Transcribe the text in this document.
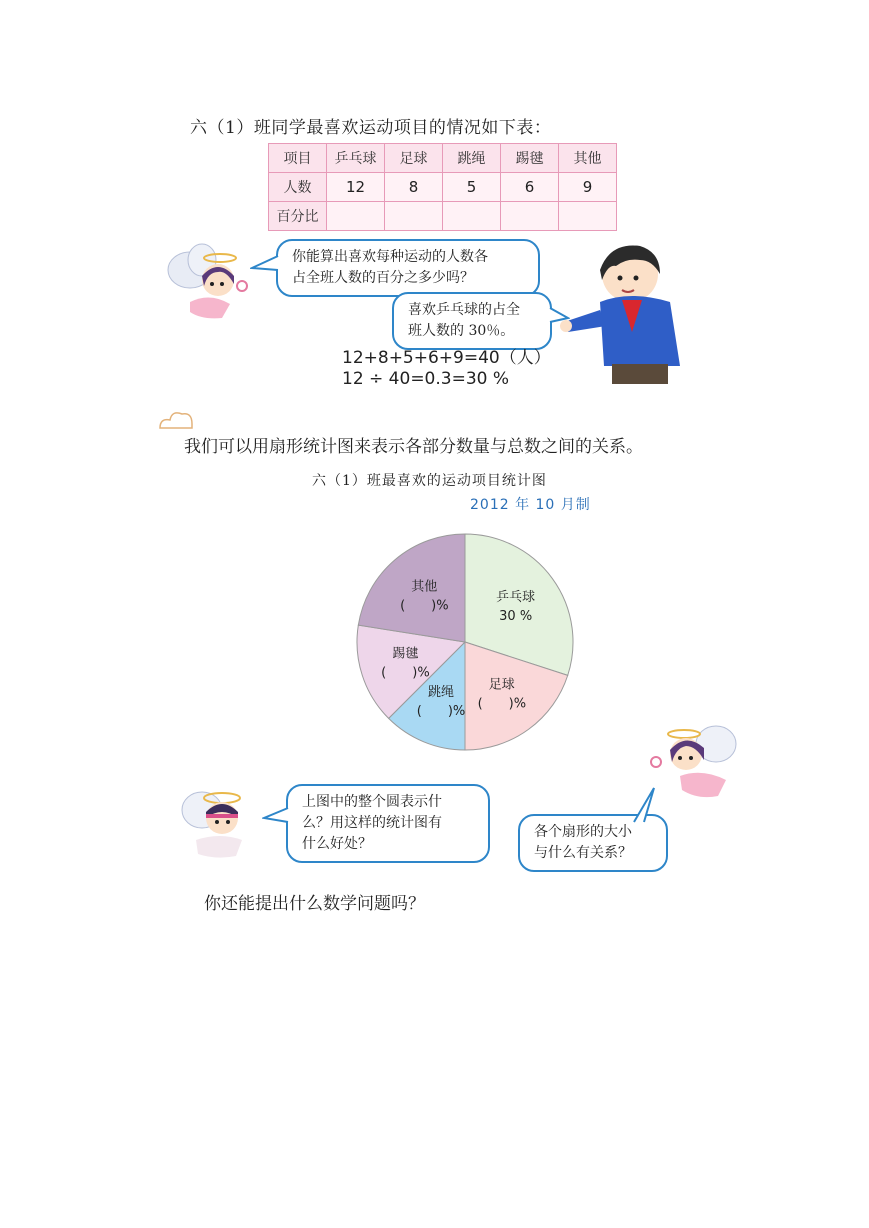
六（1）班同学最喜欢运动项目的情况如下表：
项目	乒乓球	足球	跳绳	踢毽	其他
人数	12	8	5	6	9
百分比					
你能算出喜欢每种运动的人数各
占全班人数的百分之多少吗？
喜欢乒乓球的占全
班人数的 30％。
12+8+5+6+9=40（人）
12 ÷ 40=0.3=30 %
我们可以用扇形统计图来表示各部分数量与总数之间的关系。
六（1）班最喜欢的运动项目统计图
2012 年 10 月制
乒乓球
30 %
足球
(　　)%
跳绳
(　　)%
踢毽
(　　)%
其他
(　　)%
上图中的整个圆表示什
么？用这样的统计图有
什么好处？
各个扇形的大小
与什么有关系？
你还能提出什么数学问题吗？
